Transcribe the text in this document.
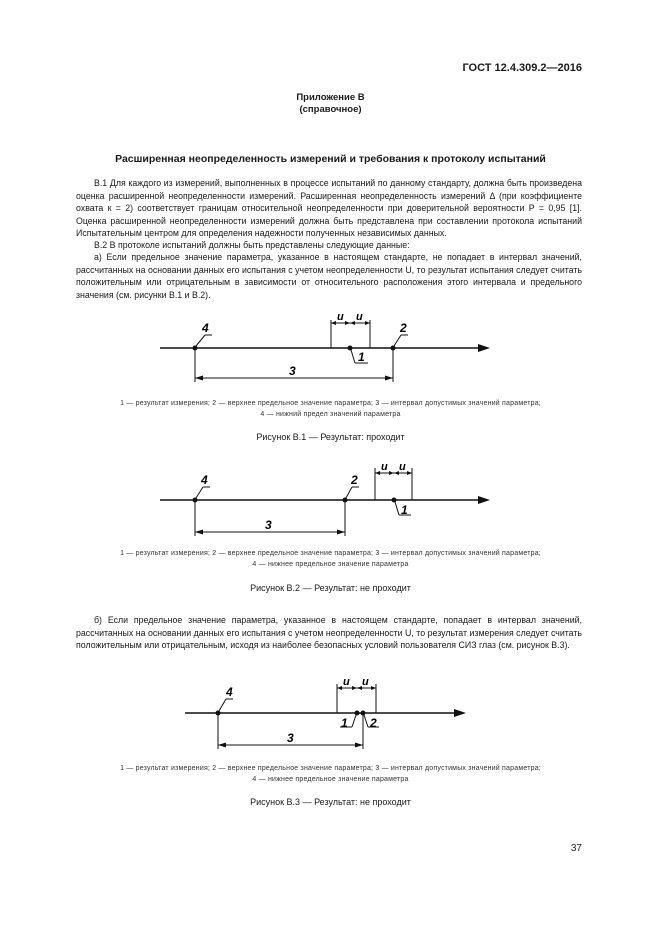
ГОСТ 12.4.309.2—2016
Приложение В
(справочное)
Расширенная неопределенность измерений и требования к протоколу испытаний
В.1 Для каждого из измерений, выполненных в процессе испытаний по данному стандарту, должна быть произведена оценка расширенной неопределенности измерений. Расширенная неопределенность измерений Δ (при коэффициенте охвата к = 2) соответствует границам относительной неопределенности при доверительной вероятности Р = 0,95 [1]. Оценка расширенной неопределенности измерений должна быть представлена при составлении протокола испытаний Испытательным центром для определения надежности полученных независимых данных.
В.2 В протоколе испытаний должны быть представлены следующие данные:
а) Если предельное значение параметра, указанное в настоящем стандарте, не попадает в интервал значений, рассчитанных на основании данных его испытания с учетом неопределенности U, то результат испытания следует считать положительным или отрицательным в зависимости от относительного расположения этого интервала и предельного значения (см. рисунки В.1 и В.2).
4	2
u u
1
3
1 — результат измерения; 2 — верхнее предельное значение параметра; 3 — интервал допустимых значений параметра;
4 — нижний предел значений параметра
Рисунок В.1 — Результат: проходит
4	2
u u
1
3
1 — результат измерения; 2 — верхнее предельное значение параметра; 3 — интервал допустимых значений параметра;
4 — нижнее предельное значение параметра
Рисунок В.2 — Результат: не проходит
б) Если предельное значение параметра, указанное в настоящем стандарте, попадает в интервал значений, рассчитанных на основании данных его испытания с учетом неопределенности U, то результат измерения следует считать положительным или отрицательным, исходя из наиболее безопасных условий пользователя СИЗ глаз (см. рисунок В.3).
4
u u
1 2
3
1 — результат измерения; 2 — верхнее предельное значение параметра; 3 — интервал допустимых значений параметра;
4 — нижнее предельное значение параметра
Рисунок В.3 — Результат: не проходит
37
